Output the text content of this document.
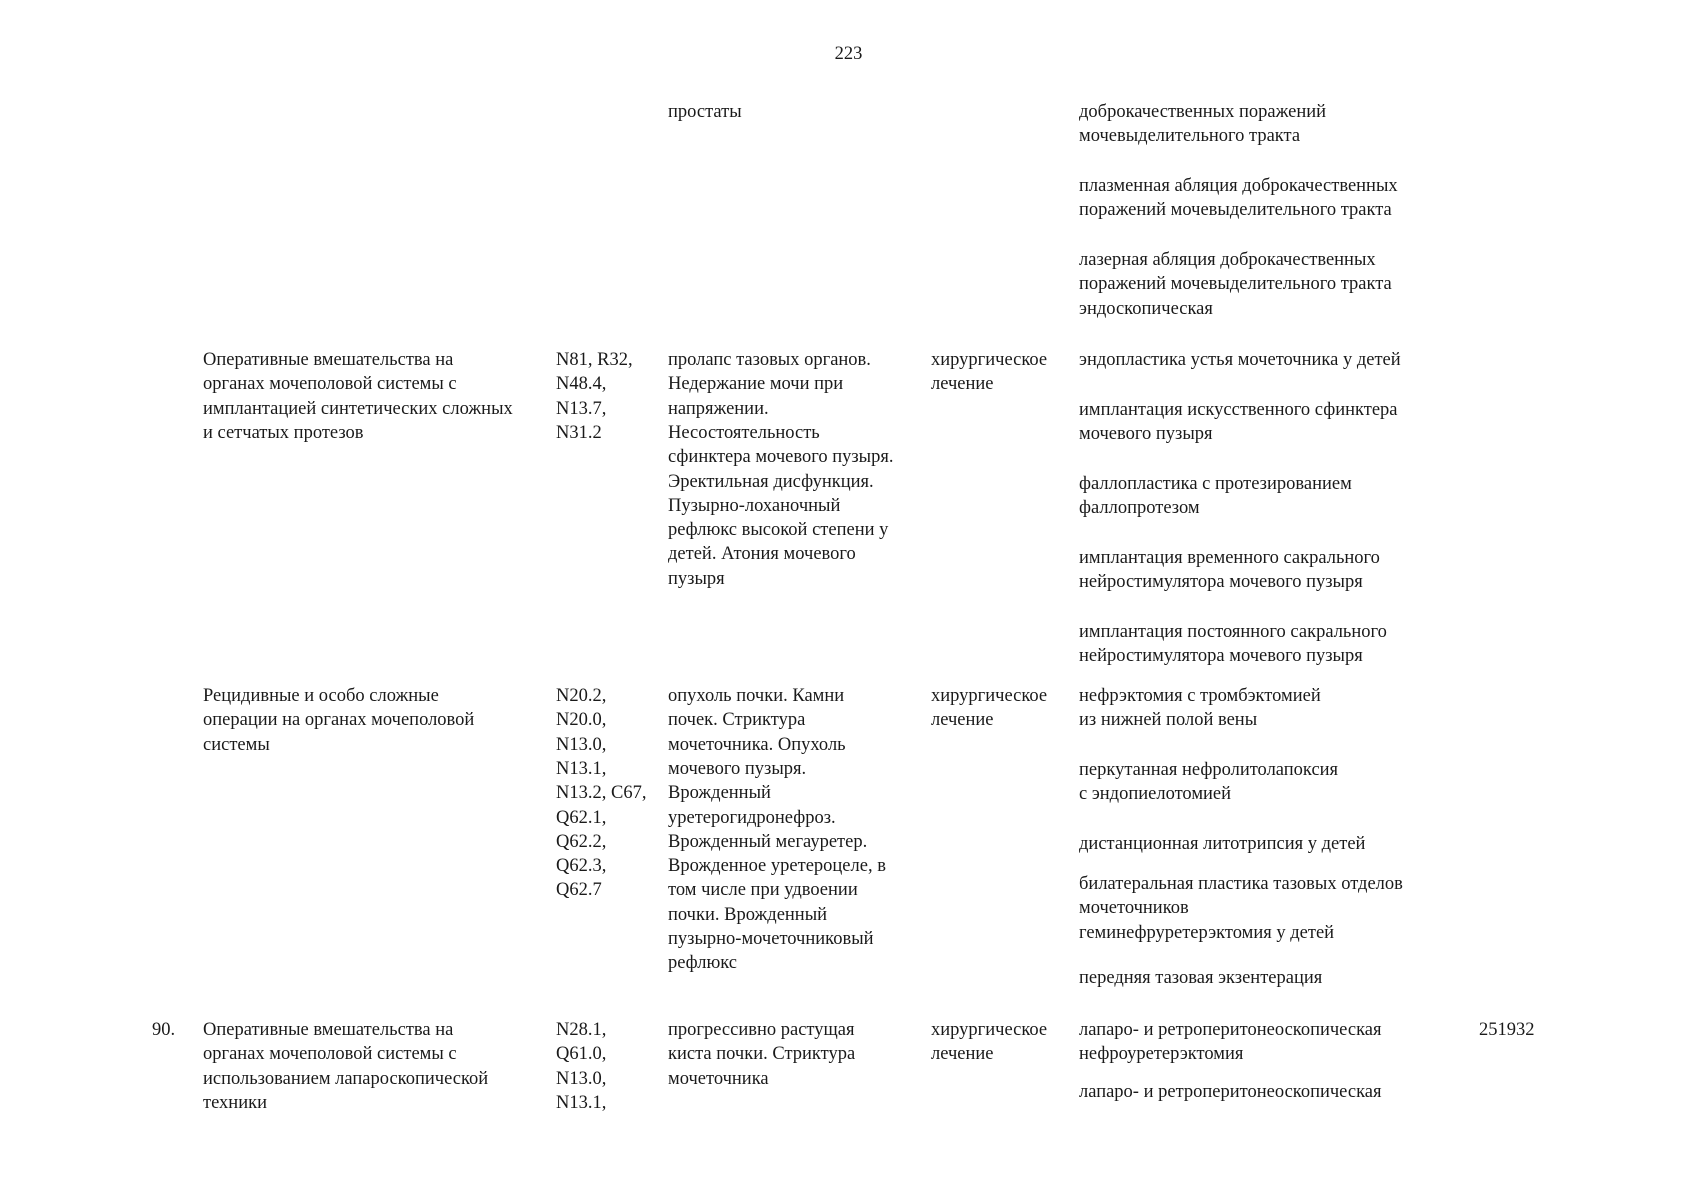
223
простаты	доброкачественных поражений
мочевыделительного тракта
плазменная абляция доброкачественных
поражений мочевыделительного тракта
лазерная абляция доброкачественных
поражений мочевыделительного тракта
эндоскопическая
Оперативные вмешательства на
органах мочеполовой системы с
имплантацией синтетических сложных
и сетчатых протезов
N81, R32,
N48.4,
N13.7,
N31.2
пролапс тазовых органов.
Недержание мочи при
напряжении.
Несостоятельность
сфинктера мочевого пузыря.
Эректильная дисфункция.
Пузырно-лоханочный
рефлюкс высокой степени у
детей. Атония мочевого
пузыря
хирургическое
лечение
эндопластика устья мочеточника у детей
имплантация искусственного сфинктера
мочевого пузыря
фаллопластика с протезированием
фаллопротезом
имплантация временного сакрального
нейростимулятора мочевого пузыря
имплантация постоянного сакрального
нейростимулятора мочевого пузыря
Рецидивные и особо сложные
операции на органах мочеполовой
системы
N20.2,
N20.0,
N13.0,
N13.1,
N13.2, C67,
Q62.1,
Q62.2,
Q62.3,
Q62.7
опухоль почки. Камни
почек. Стриктура
мочеточника. Опухоль
мочевого пузыря.
Врожденный
уретерогидронефроз.
Врожденный мегауретер.
Врожденное уретероцеле, в
том числе при удвоении
почки. Врожденный
пузырно-мочеточниковый
рефлюкс
хирургическое
лечение
нефрэктомия с тромбэктомией
из нижней полой вены
перкутанная нефролитолапоксия
с эндопиелотомией
дистанционная литотрипсия у детей
билатеральная пластика тазовых отделов
мочеточников
геминефруретерэктомия у детей
передняя тазовая экзентерация
90. Оперативные вмешательства на
органах мочеполовой системы с
использованием лапароскопической
техники
N28.1,
Q61.0,
N13.0,
N13.1,
прогрессивно растущая
киста почки. Стриктура
мочеточника
хирургическое
лечение
лапаро- и ретроперитонеоскопическая
нефроуретерэктомия
лапаро- и ретроперитонеоскопическая
251932
